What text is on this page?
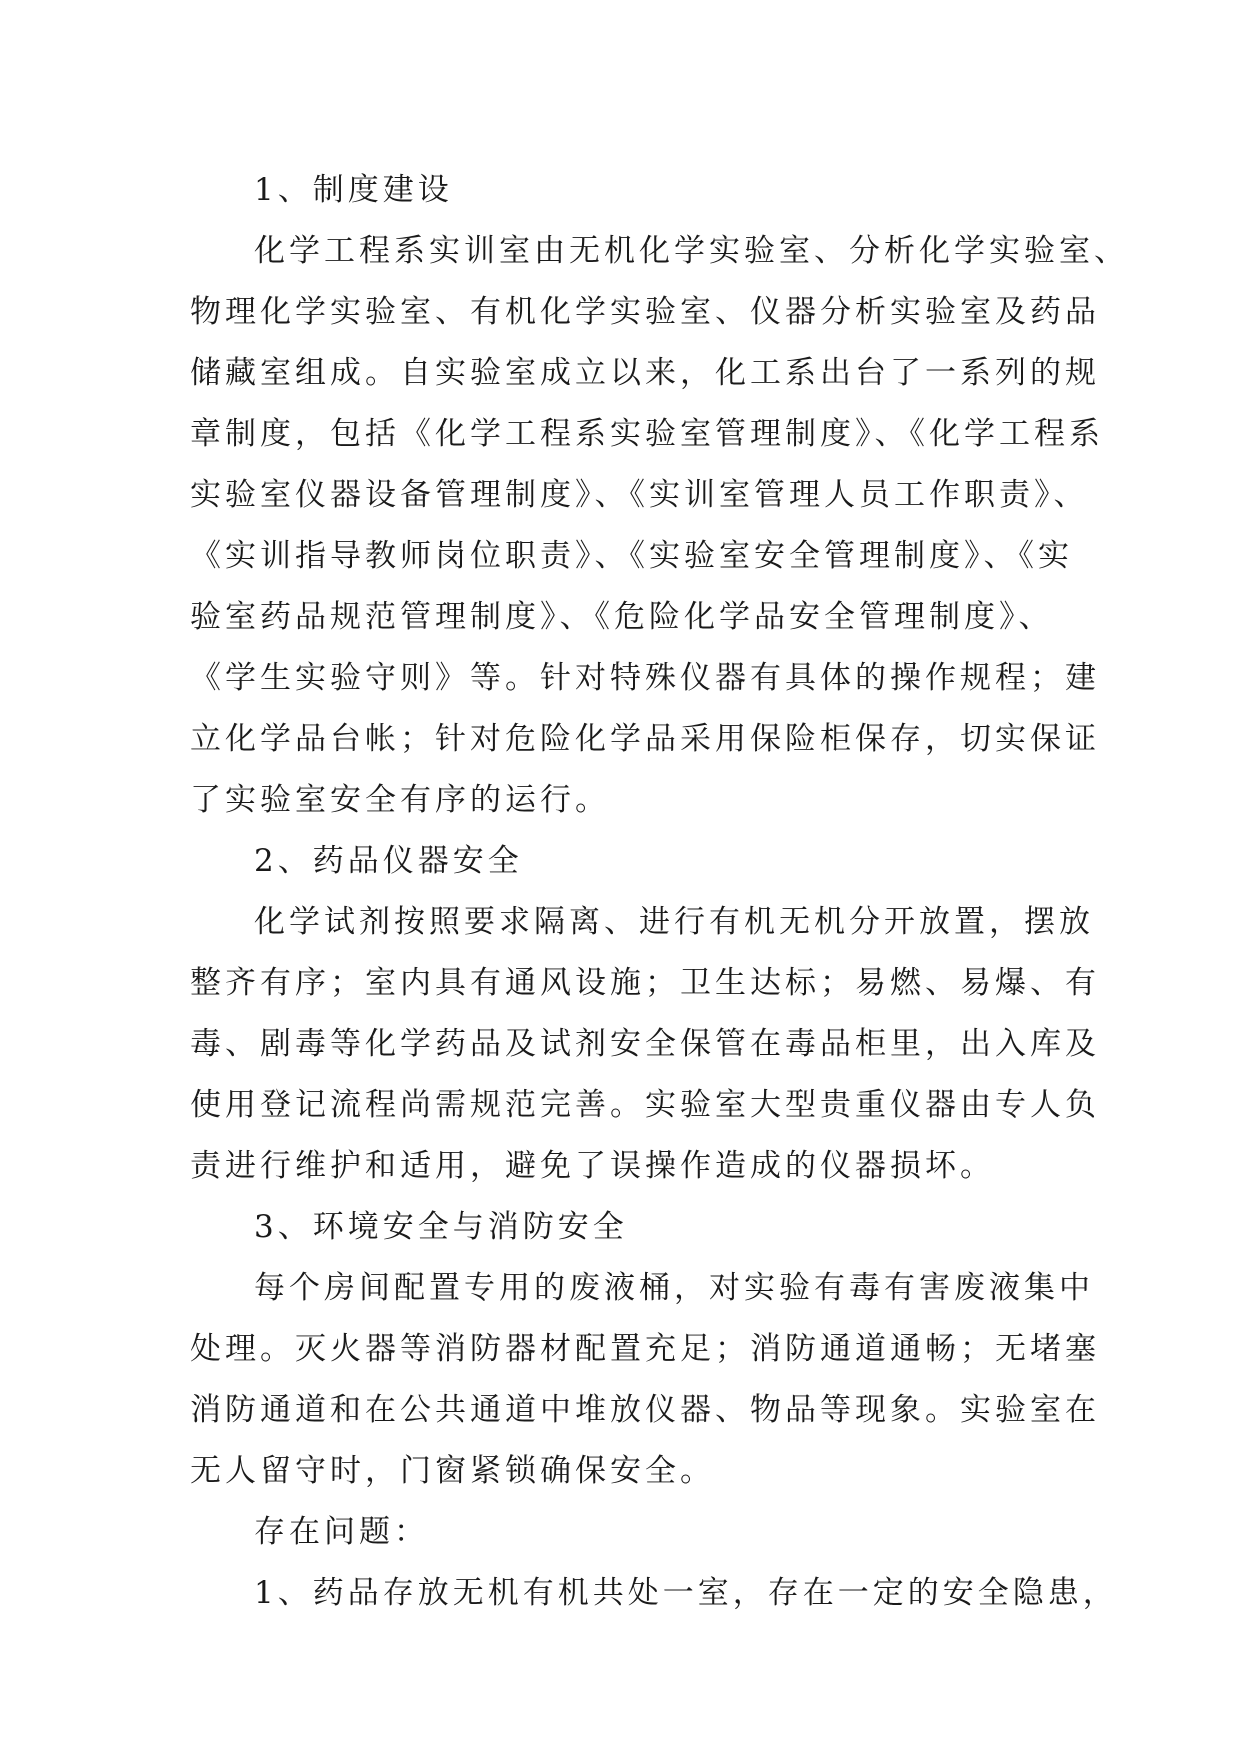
1、制度建设
化学工程系实训室由无机化学实验室、分析化学实验室、
物理化学实验室、有机化学实验室、仪器分析实验室及药品
储藏室组成。自实验室成立以来，化工系出台了一系列的规
章制度，包括《化学工程系实验室管理制度》、《化学工程系
实验室仪器设备管理制度》、《实训室管理人员工作职责》、
《实训指导教师岗位职责》、《实验室安全管理制度》、《实
验室药品规范管理制度》、《危险化学品安全管理制度》、
《学生实验守则》等。针对特殊仪器有具体的操作规程；建
立化学品台帐；针对危险化学品采用保险柜保存，切实保证
了实验室安全有序的运行。
2、药品仪器安全
化学试剂按照要求隔离、进行有机无机分开放置，摆放
整齐有序；室内具有通风设施；卫生达标；易燃、易爆、有
毒、剧毒等化学药品及试剂安全保管在毒品柜里，出入库及
使用登记流程尚需规范完善。实验室大型贵重仪器由专人负
责进行维护和适用，避免了误操作造成的仪器损坏。
3、环境安全与消防安全
每个房间配置专用的废液桶，对实验有毒有害废液集中
处理。灭火器等消防器材配置充足；消防通道通畅；无堵塞
消防通道和在公共通道中堆放仪器、物品等现象。实验室在
无人留守时，门窗紧锁确保安全。
存在问题：
1、药品存放无机有机共处一室，存在一定的安全隐患，
